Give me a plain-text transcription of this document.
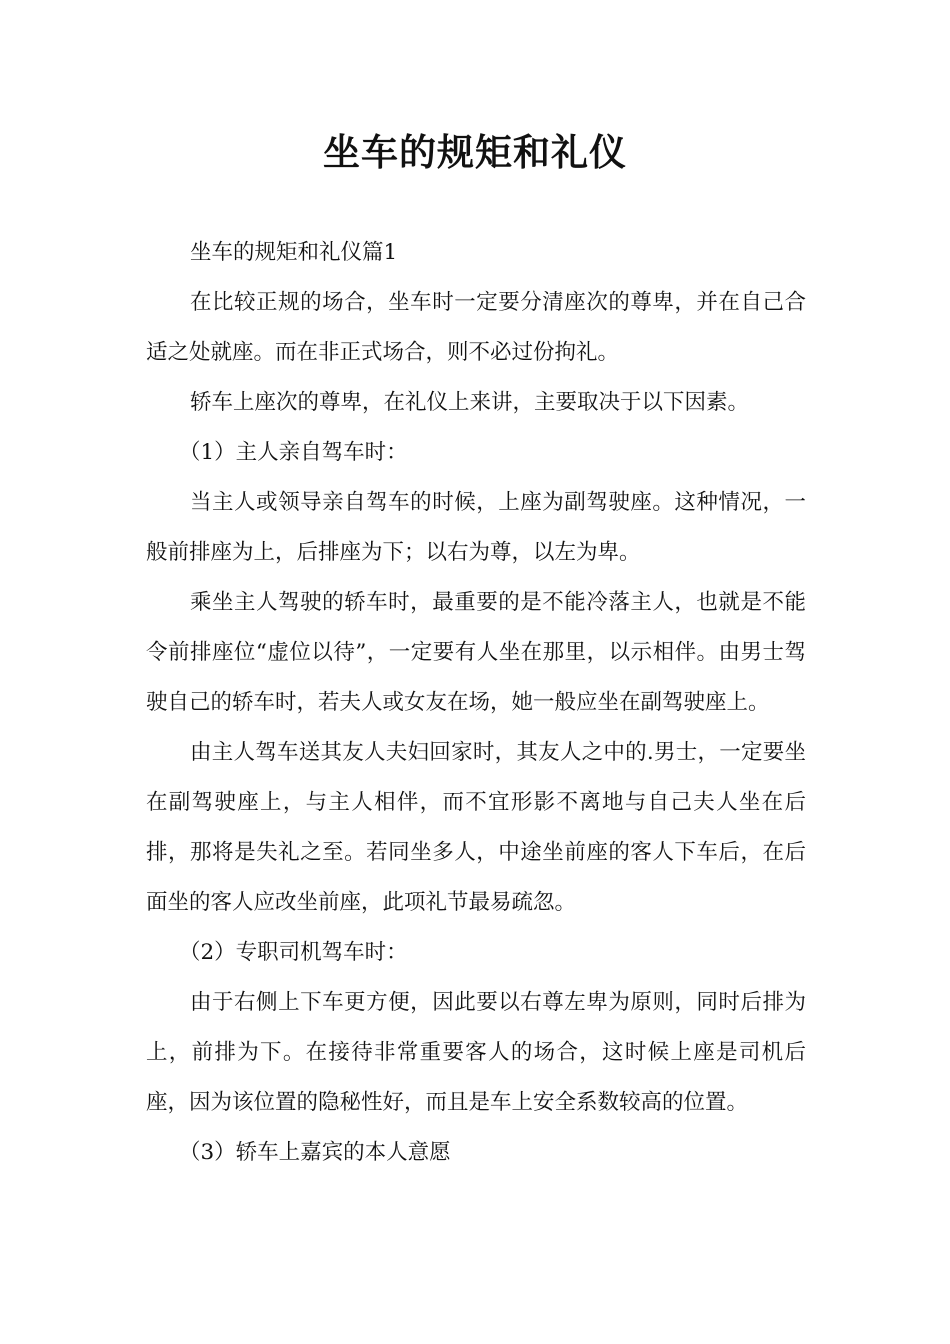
坐车的规矩和礼仪

坐车的规矩和礼仪篇1

在比较正规的场合，坐车时一定要分清座次的尊卑，并在自己合适之处就座。而在非正式场合，则不必过份拘礼。

轿车上座次的尊卑，在礼仪上来讲，主要取决于以下因素。

（1）主人亲自驾车时：

当主人或领导亲自驾车的时候，上座为副驾驶座。这种情况，一般前排座为上，后排座为下；以右为尊，以左为卑。

乘坐主人驾驶的轿车时，最重要的是不能冷落主人，也就是不能令前排座位“虚位以待”，一定要有人坐在那里，以示相伴。由男士驾驶自己的轿车时，若夫人或女友在场，她一般应坐在副驾驶座上。

由主人驾车送其友人夫妇回家时，其友人之中的.男士，一定要坐在副驾驶座上，与主人相伴，而不宜形影不离地与自己夫人坐在后排，那将是失礼之至。若同坐多人，中途坐前座的客人下车后，在后面坐的客人应改坐前座，此项礼节最易疏忽。

（2）专职司机驾车时：

由于右侧上下车更方便，因此要以右尊左卑为原则，同时后排为上，前排为下。在接待非常重要客人的场合，这时候上座是司机后座，因为该位置的隐秘性好，而且是车上安全系数较高的位置。

（3）轿车上嘉宾的本人意愿
